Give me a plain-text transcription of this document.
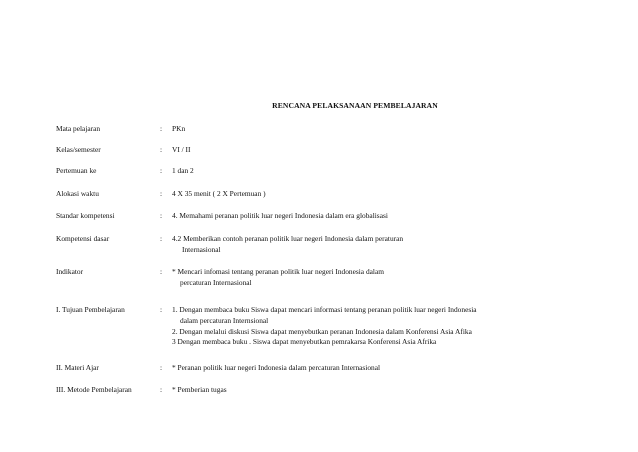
RENCANA PELAKSANAAN PEMBELAJARAN
Mata pelajaran	: PKn
Kelas/semester	: VI / II
Pertemuan ke	: 1 dan 2
Alokasi waktu	: 4 X 35 menit ( 2 X Pertemuan )
Standar kompetensi	: 4. Memahami peranan politik luar negeri Indonesia dalam era globalisasi
Kompetensi dasar	: 4.2 Memberikan contoh peranan politik luar negeri Indonesia dalam peraturan
Internasional
Indikator	: * Mencari infomasi tentang peranan politik luar negeri Indonesia dalam
percaturan Internasional
I. Tujuan Pembelajaran	: 1. Dengan membaca buku Siswa dapat mencari informasi tentang peranan politik luar negeri Indonesia
dalam percaturan Internsional
2. Dengan melalui diskusi Siswa dapat menyebutkan peranan Indonesia dalam Konferensi Asia Afika
3 Dengan membaca buku . Siswa dapat menyebutkan pemrakarsa Konferensi Asia Afrika
II. Materi Ajar	: * Peranan politik luar negeri Indonesia dalam percaturan Internasional
III. Metode Pembelajaran	: * Pemberian tugas
